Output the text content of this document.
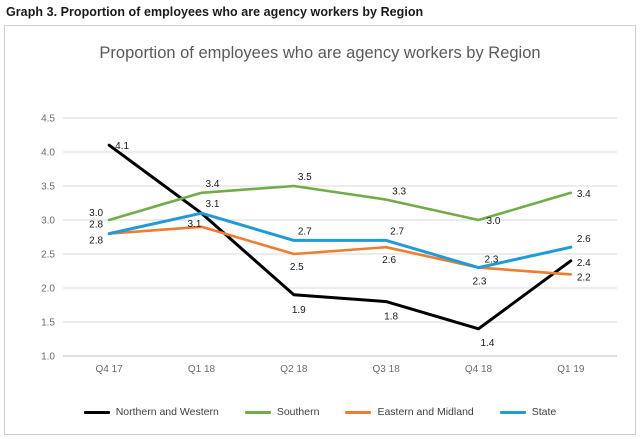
Graph 3. Proportion of employees who are agency workers by Region
Proportion of employees who are agency workers by Region
1.0
1.5
2.0
2.5
3.0
3.5
4.0
4.5
Q4 17	Q1 18	Q2 18	Q3 18	Q4 18	Q1 19
4.1
3.1
1.9
1.8
1.4
2.4
3.0
3.4
3.5
3.3
3.0
3.4
2.8
2.5
2.6
2.3	2.2
2.8
3.1
2.7	2.7
2.3
2.6
Northern and Western	Southern	Eastern and Midland	State
